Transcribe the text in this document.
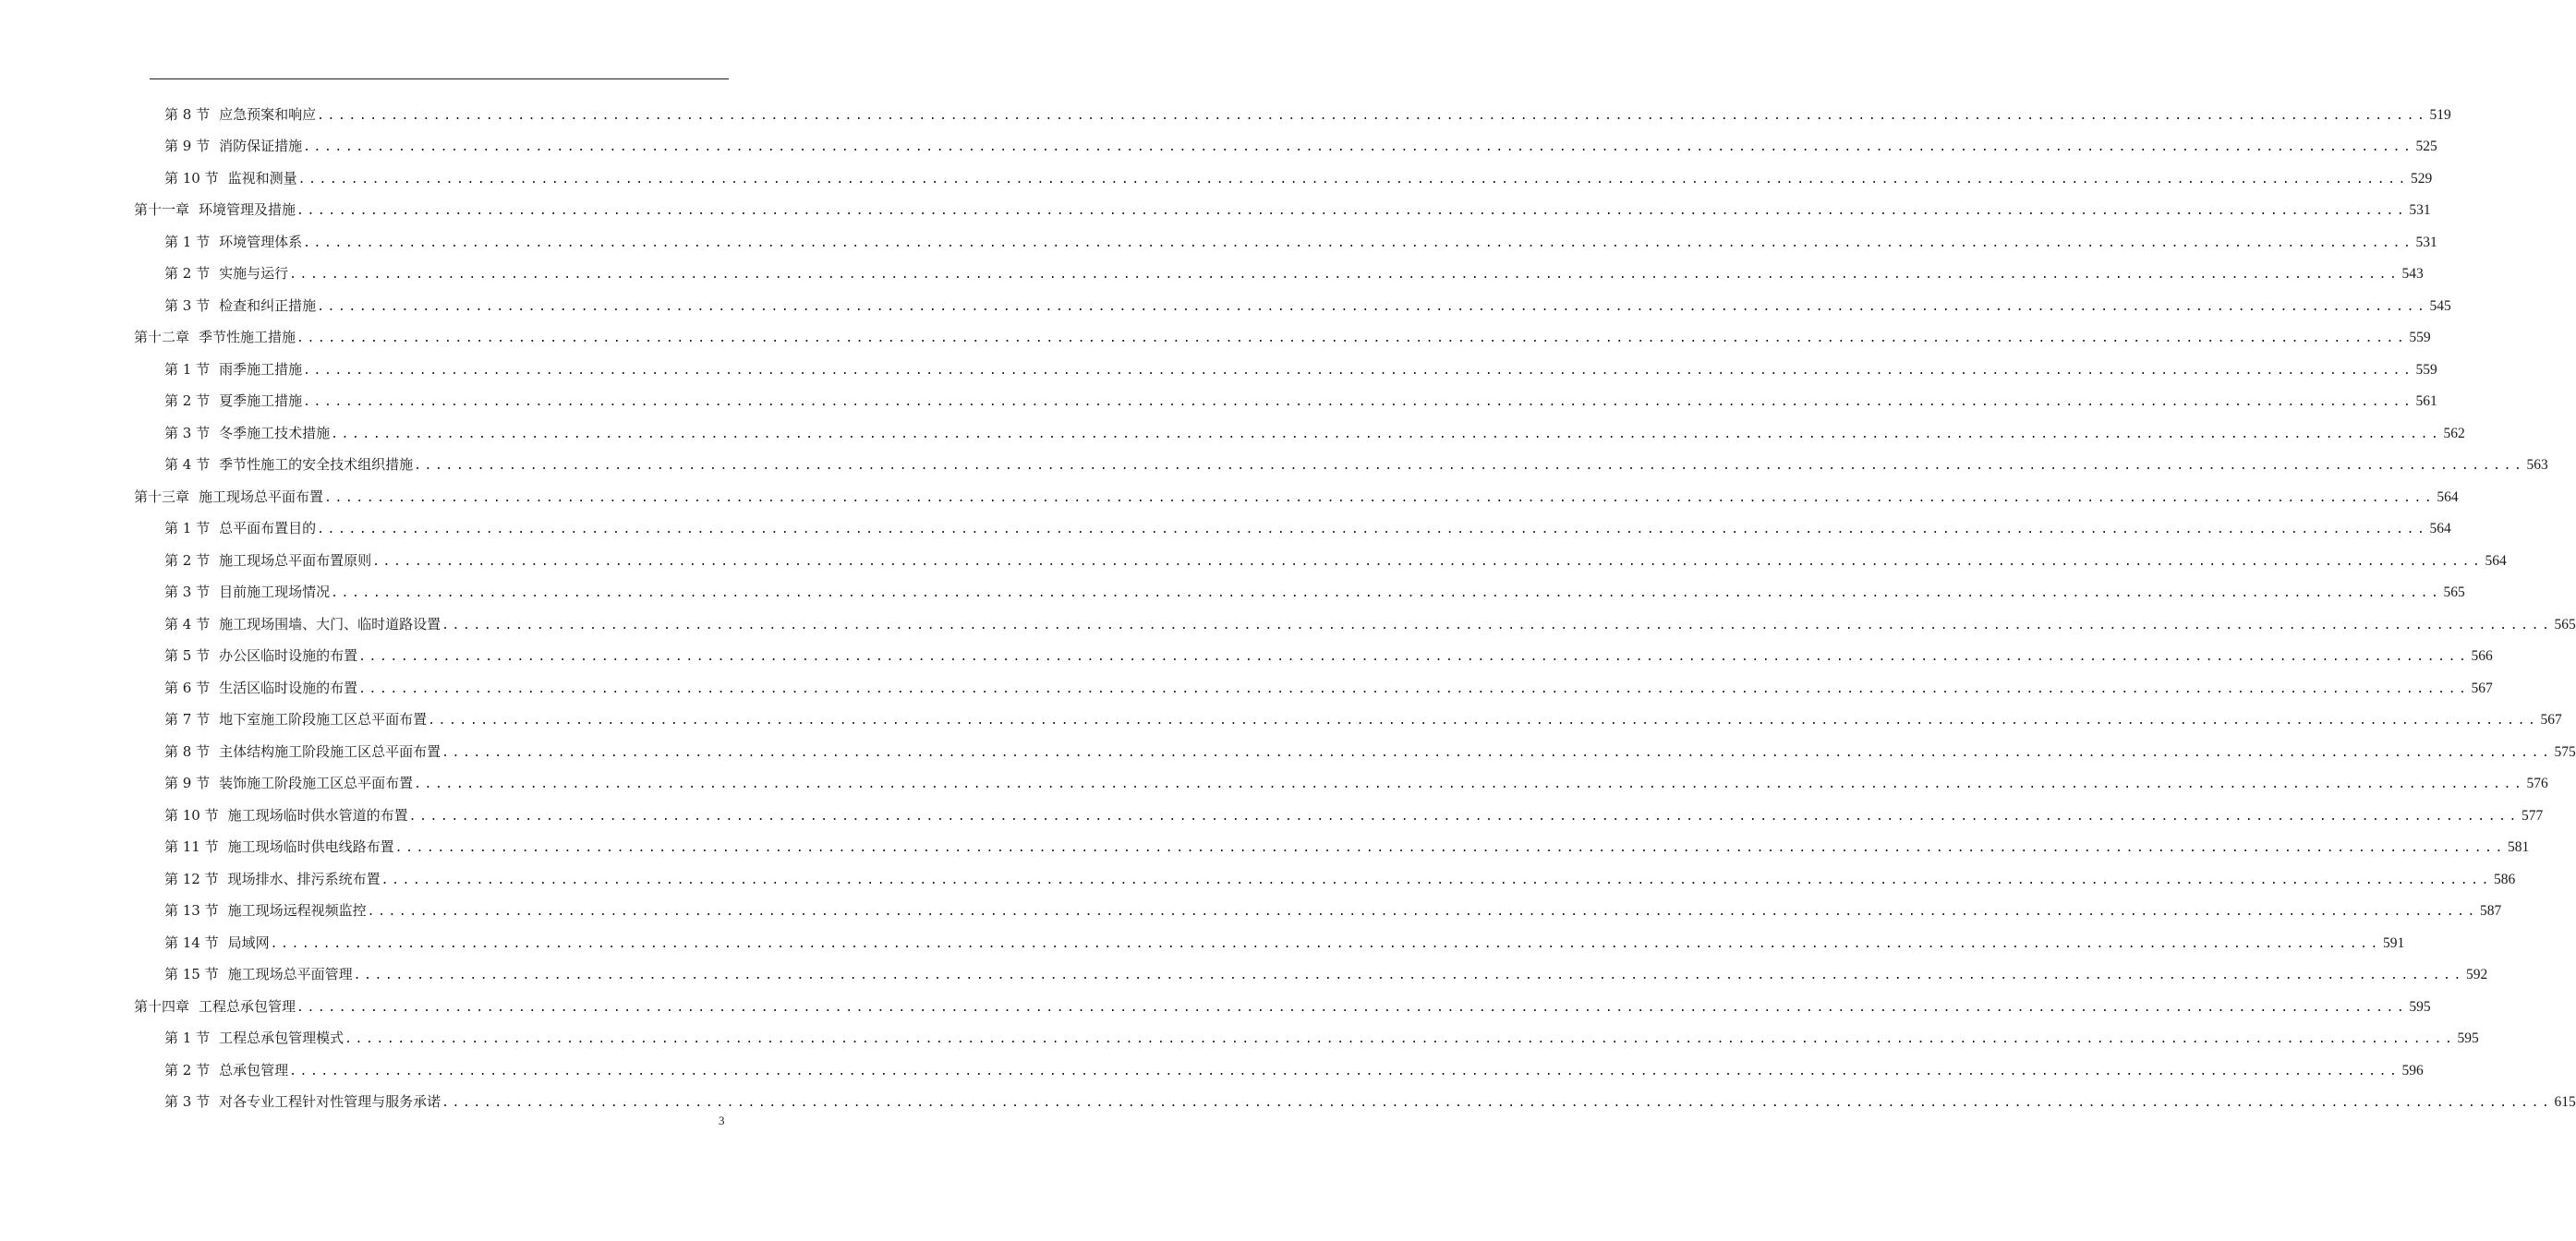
第 8 节 应急预案和响应 ........................................................................................................................................................................................................ 519
第 9 节 消防保证措施 ........................................................................................................................................................................................................ 525
第 10 节 监视和测量 ........................................................................................................................................................................................................ 529
第十一章 环境管理及措施 ........................................................................................................................................................................................................ 531
第 1 节 环境管理体系 ........................................................................................................................................................................................................ 531
第 2 节 实施与运行 ........................................................................................................................................................................................................ 543
第 3 节 检查和纠正措施 ........................................................................................................................................................................................................ 545
第十二章 季节性施工措施 ........................................................................................................................................................................................................ 559
第 1 节 雨季施工措施 ........................................................................................................................................................................................................ 559
第 2 节 夏季施工措施 ........................................................................................................................................................................................................ 561
第 3 节 冬季施工技术措施 ........................................................................................................................................................................................................ 562
第 4 节 季节性施工的安全技术组织措施 ........................................................................................................................................................................................................ 563
第十三章 施工现场总平面布置 ........................................................................................................................................................................................................ 564
第 1 节 总平面布置目的 ........................................................................................................................................................................................................ 564
第 2 节 施工现场总平面布置原则 ........................................................................................................................................................................................................ 564
第 3 节 目前施工现场情况 ........................................................................................................................................................................................................ 565
第 4 节 施工现场围墙、大门、临时道路设置 ........................................................................................................................................................................................................ 565
第 5 节 办公区临时设施的布置 ........................................................................................................................................................................................................ 566
第 6 节 生活区临时设施的布置 ........................................................................................................................................................................................................ 567
第 7 节 地下室施工阶段施工区总平面布置 ........................................................................................................................................................................................................ 567
第 8 节 主体结构施工阶段施工区总平面布置 ........................................................................................................................................................................................................ 575
第 9 节 装饰施工阶段施工区总平面布置 ........................................................................................................................................................................................................ 576
第 10 节 施工现场临时供水管道的布置 ........................................................................................................................................................................................................ 577
第 11 节 施工现场临时供电线路布置 ........................................................................................................................................................................................................ 581
第 12 节 现场排水、排污系统布置 ........................................................................................................................................................................................................ 586
第 13 节 施工现场远程视频监控 ........................................................................................................................................................................................................ 587
第 14 节 局域网 ........................................................................................................................................................................................................ 591
第 15 节 施工现场总平面管理 ........................................................................................................................................................................................................ 592
第十四章 工程总承包管理 ........................................................................................................................................................................................................ 595
第 1 节 工程总承包管理模式 ........................................................................................................................................................................................................ 595
第 2 节 总承包管理 ........................................................................................................................................................................................................ 596
第 3 节 对各专业工程针对性管理与服务承诺 ........................................................................................................................................................................................................ 615
3
